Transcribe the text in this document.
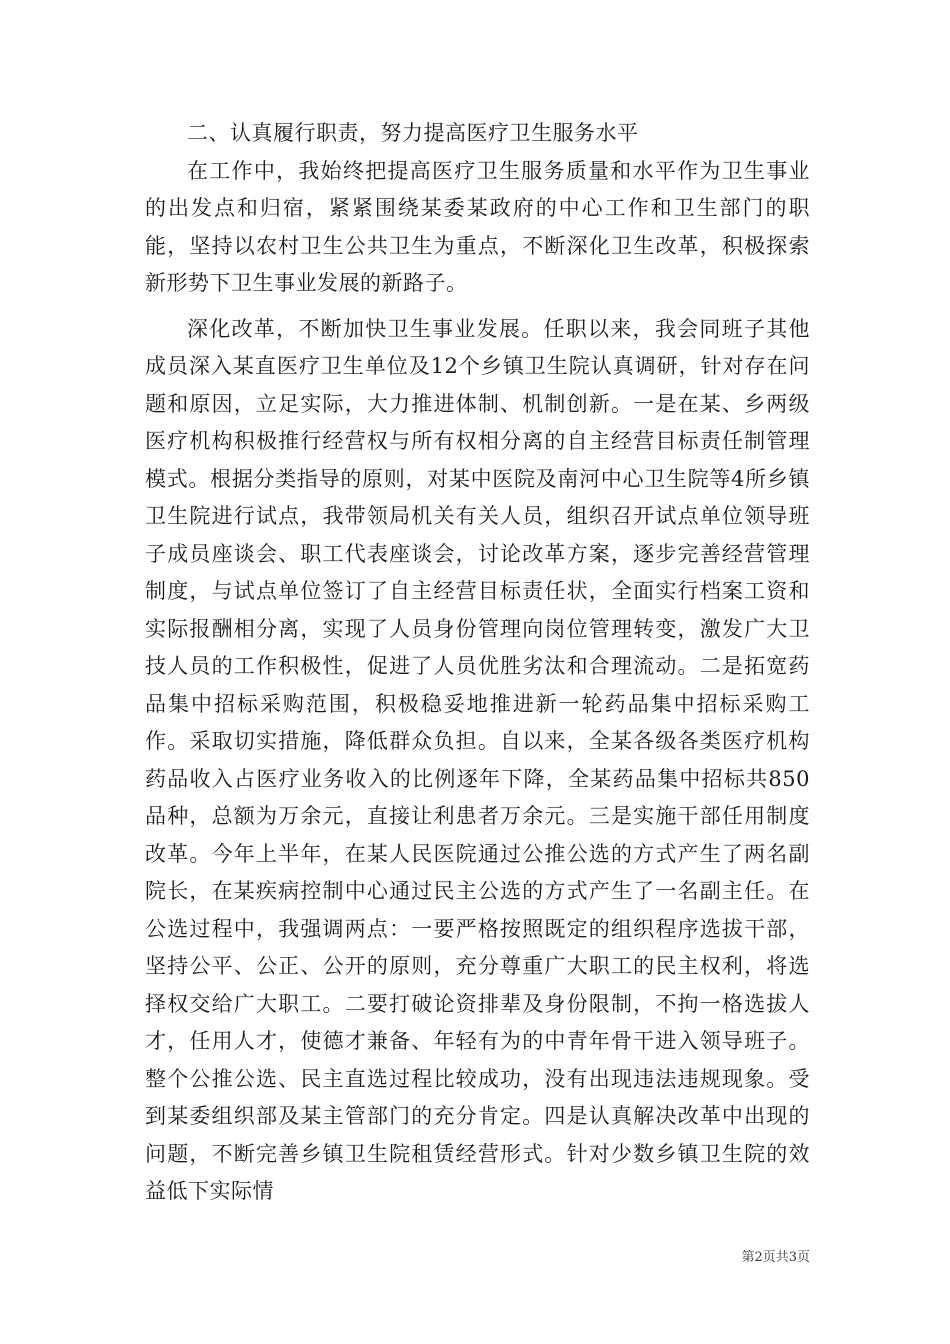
二、认真履行职责，努力提高医疗卫生服务水平

在工作中，我始终把提高医疗卫生服务质量和水平作为卫生事业的出发点和归宿，紧紧围绕某委某政府的中心工作和卫生部门的职能，坚持以农村卫生公共卫生为重点，不断深化卫生改革，积极探索新形势下卫生事业发展的新路子。

深化改革，不断加快卫生事业发展。任职以来，我会同班子其他成员深入某直医疗卫生单位及12个乡镇卫生院认真调研，针对存在问题和原因，立足实际，大力推进体制、机制创新。一是在某、乡两级医疗机构积极推行经营权与所有权相分离的自主经营目标责任制管理模式。根据分类指导的原则，对某中医院及南河中心卫生院等4所乡镇卫生院进行试点，我带领局机关有关人员，组织召开试点单位领导班子成员座谈会、职工代表座谈会，讨论改革方案，逐步完善经营管理制度，与试点单位签订了自主经营目标责任状，全面实行档案工资和实际报酬相分离，实现了人员身份管理向岗位管理转变，激发广大卫技人员的工作积极性，促进了人员优胜劣汰和合理流动。二是拓宽药品集中招标采购范围，积极稳妥地推进新一轮药品集中招标采购工作。采取切实措施，降低群众负担。自以来，全某各级各类医疗机构药品收入占医疗业务收入的比例逐年下降，全某药品集中招标共850品种，总额为万余元，直接让利患者万余元。三是实施干部任用制度改革。今年上半年，在某人民医院通过公推公选的方式产生了两名副院长，在某疾病控制中心通过民主公选的方式产生了一名副主任。在公选过程中，我强调两点：一要严格按照既定的组织程序选拔干部，坚持公平、公正、公开的原则，充分尊重广大职工的民主权利，将选择权交给广大职工。二要打破论资排辈及身份限制，不拘一格选拔人才，任用人才，使德才兼备、年轻有为的中青年骨干进入领导班子。整个公推公选、民主直选过程比较成功，没有出现违法违规现象。受到某委组织部及某主管部门的充分肯定。四是认真解决改革中出现的问题，不断完善乡镇卫生院租赁经营形式。针对少数乡镇卫生院的效益低下实际情

第2页共3页
